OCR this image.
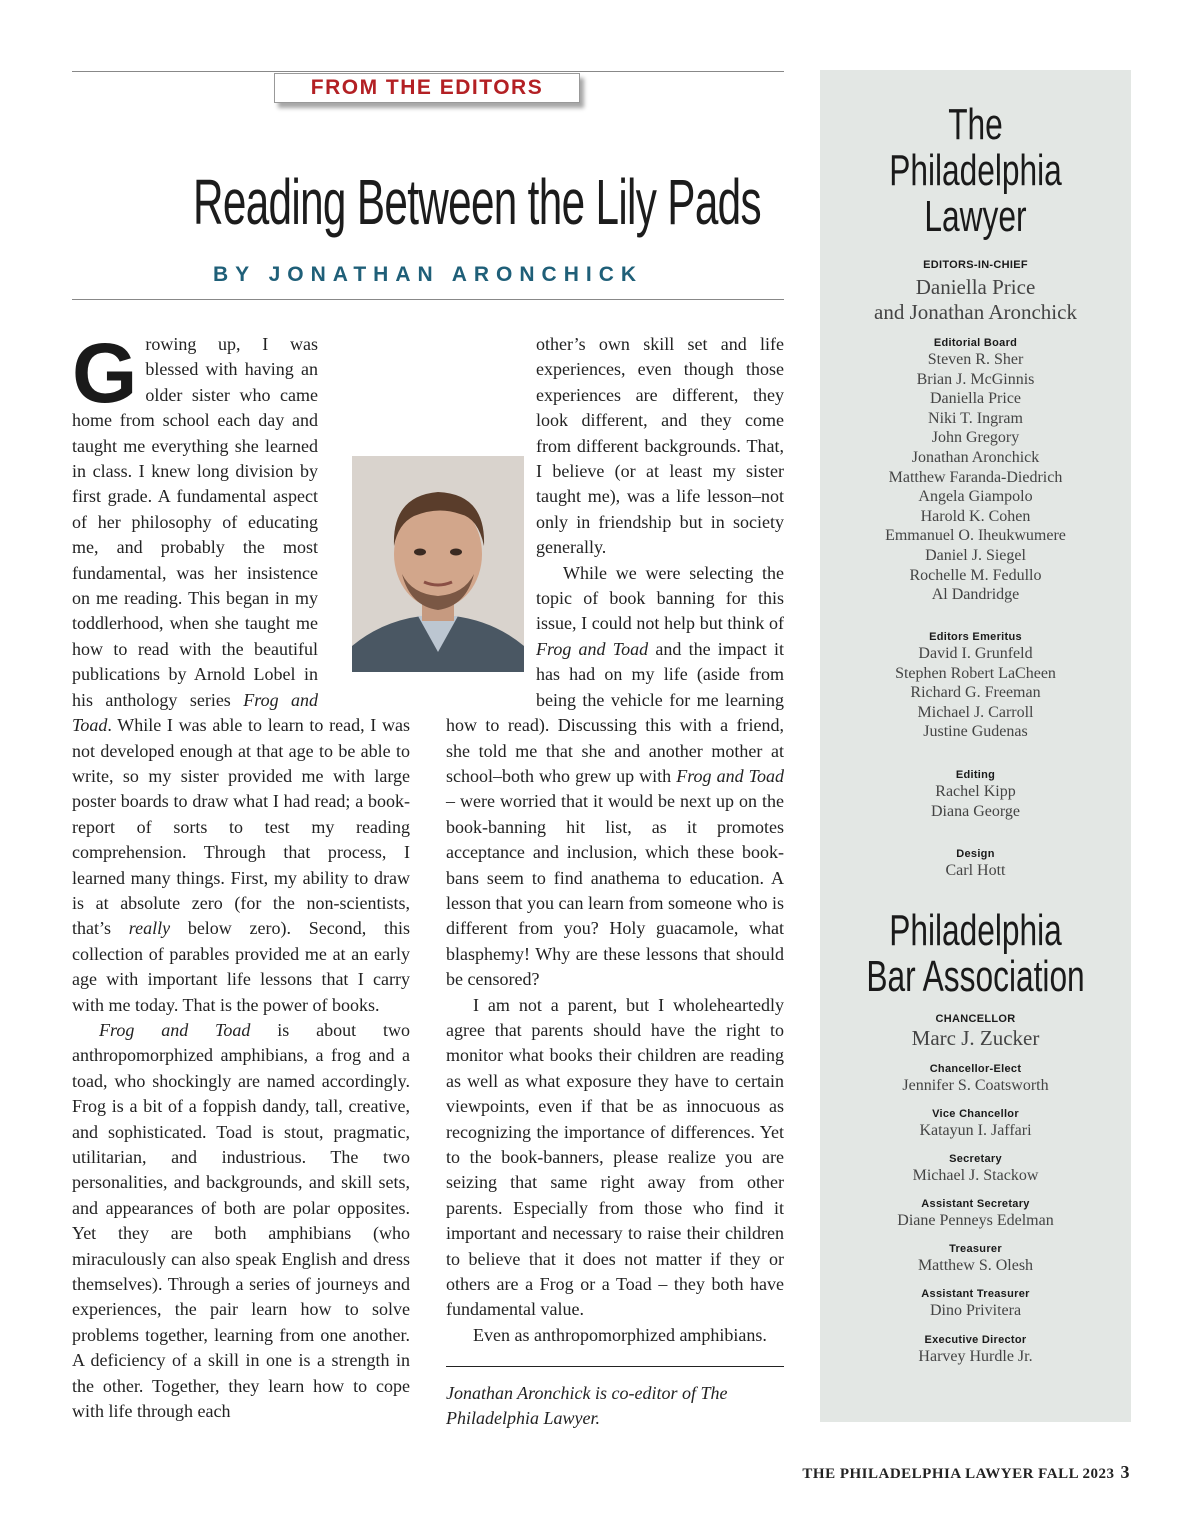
FROM THE EDITORS
Reading Between the Lily Pads
BY JONATHAN ARONCHICK

Growing up, I was blessed with having an older sister who came home from school each day and taught me everything she learned in class. I knew long division by first grade. A fundamental aspect of her philosophy of educating me, and probably the most fundamental, was her insistence on me reading. This began in my toddlerhood, when she taught me how to read with the beautiful publications by Arnold Lobel in his anthology series Frog and Toad. While I was able to learn to read, I was not developed enough at that age to be able to write, so my sister provided me with large poster boards to draw what I had read; a book-report of sorts to test my reading comprehension. Through that process, I learned many things. First, my ability to draw is at absolute zero (for the non-scientists, that’s really below zero). Second, this collection of parables provided me at an early age with important life lessons that I carry with me today. That is the power of books.

Frog and Toad is about two anthropomorphized amphibians, a frog and a toad, who shockingly are named accordingly. Frog is a bit of a foppish dandy, tall, creative, and sophisticated. Toad is stout, pragmatic, utilitarian, and industrious. The two personalities, and backgrounds, and skill sets, and appearances of both are polar opposites. Yet they are both amphibians (who miraculously can also speak English and dress themselves). Through a series of journeys and experiences, the pair learn how to solve problems together, learning from one another. A deficiency of a skill in one is a strength in the other. Together, they learn how to cope with life through each

other’s own skill set and life experiences, even though those experiences are different, they look different, and they come from different backgrounds. That, I believe (or at least my sister taught me), was a life lesson–not only in friendship but in society generally.

While we were selecting the topic of book banning for this issue, I could not help but think of Frog and Toad and the impact it has had on my life (aside from being the vehicle for me learning how to read). Discussing this with a friend, she told me that she and another mother at school–both who grew up with Frog and Toad – were worried that it would be next up on the book-banning hit list, as it promotes acceptance and inclusion, which these book-bans seem to find anathema to education. A lesson that you can learn from someone who is different from you? Holy guacamole, what blasphemy! Why are these lessons that should be censored?

I am not a parent, but I wholeheartedly agree that parents should have the right to monitor what books their children are reading as well as what exposure they have to certain viewpoints, even if that be as innocuous as recognizing the importance of differences. Yet to the book-banners, please realize you are seizing that same right away from other parents. Especially from those who find it important and necessary to raise their children to believe that it does not matter if they or others are a Frog or a Toad – they both have fundamental value.

Even as anthropomorphized amphibians.

Jonathan Aronchick is co-editor of The Philadelphia Lawyer.
The
Philadelphia
Lawyer
EDITORS-IN-CHIEF
Daniella Price
and Jonathan Aronchick
Editorial Board
Steven R. Sher
Brian J. McGinnis
Daniella Price
Niki T. Ingram
John Gregory
Jonathan Aronchick
Matthew Faranda-Diedrich
Angela Giampolo
Harold K. Cohen
Emmanuel O. Iheukwumere
Daniel J. Siegel
Rochelle M. Fedullo
Al Dandridge
Editors Emeritus
David I. Grunfeld
Stephen Robert LaCheen
Richard G. Freeman
Michael J. Carroll
Justine Gudenas
Editing
Rachel Kipp
Diana George
Design
Carl Hott
Philadelphia
Bar Association
CHANCELLOR
Marc J. Zucker
Chancellor-Elect
Jennifer S. Coatsworth
Vice Chancellor
Katayun I. Jaffari
Secretary
Michael J. Stackow
Assistant Secretary
Diane Penneys Edelman
Treasurer
Matthew S. Olesh
Assistant Treasurer
Dino Privitera
Executive Director
Harvey Hurdle Jr.
THE PHILADELPHIA LAWYER FALL 2023 3
